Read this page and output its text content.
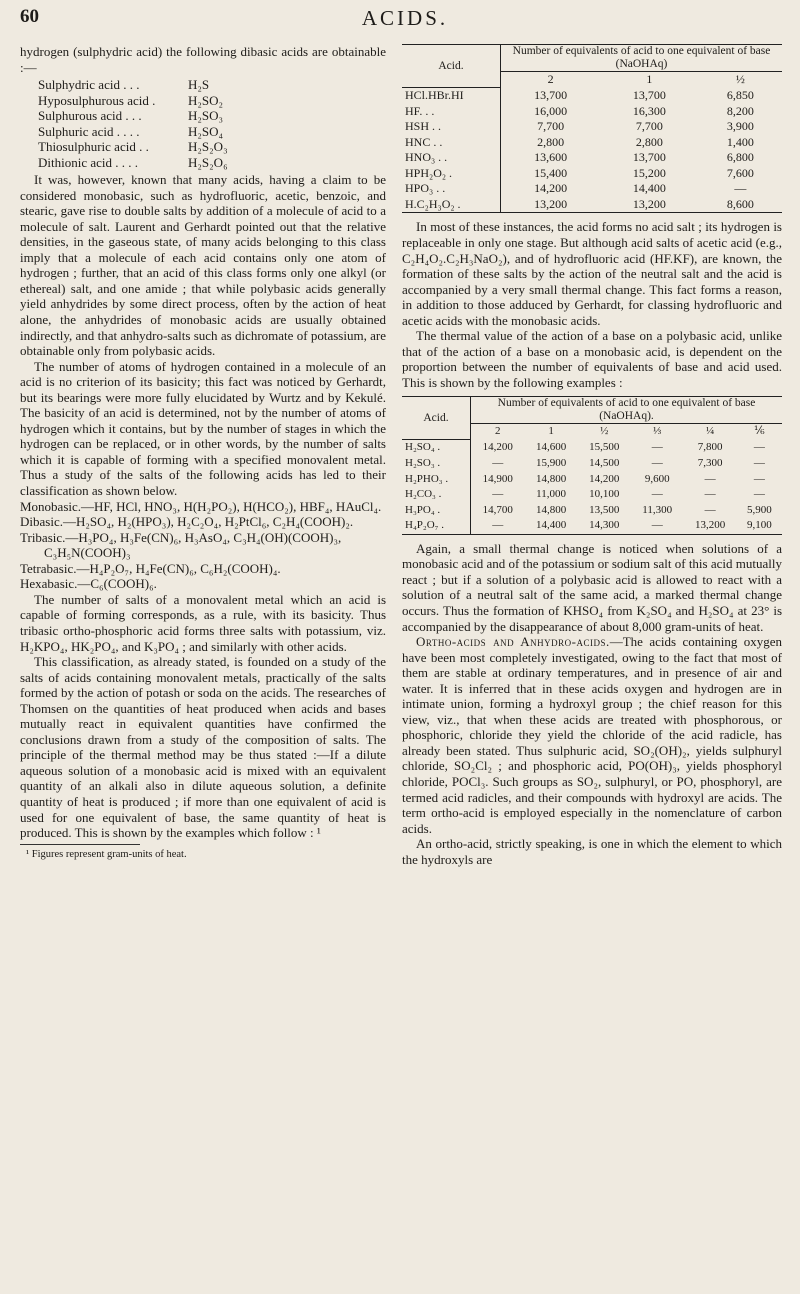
60	ACIDS.

hydrogen (sulphydric acid) the following dibasic acids are obtainable :—

Sulphydric acid . . .	H₂S
Hyposulphurous acid .	H₂SO₂
Sulphurous acid . . .	H₂SO₃
Sulphuric acid . . . .	H₂SO₄
Thiosulphuric acid . .	H₂S₂O₃
Dithionic acid . . . .	H₂S₂O₆

It was, however, known that many acids, having a claim to be considered monobasic, such as hydrofluoric, acetic, benzoic, and stearic, gave rise to double salts by addition of a molecule of acid to a molecule of salt. Laurent and Gerhardt pointed out that the relative densities, in the gaseous state, of many acids belonging to this class imply that a molecule of each acid contains only one atom of hydrogen ; further, that an acid of this class forms only one alkyl (or ethereal) salt, and one amide ; that while polybasic acids generally yield anhydrides by some direct process, often by the action of heat alone, the anhydrides of monobasic acids are usually obtained indirectly, and that anhydro-salts such as dichromate of potassium, are obtainable only from polybasic acids.

The number of atoms of hydrogen contained in a molecule of an acid is no criterion of its basicity; this fact was noticed by Gerhardt, but its bearings were more fully elucidated by Wurtz and by Kekulé. The basicity of an acid is determined, not by the number of atoms of hydrogen which it contains, but by the number of stages in which the hydrogen can be replaced, or in other words, by the number of salts which it is capable of forming with a specified monovalent metal. Thus a study of the salts of the following acids has led to their classification as shown below.

Monobasic.—HF, HCl, HNO₃, H(H₂PO₂), H(HCO₂), HBF₄, HAuCl₄.

Dibasic.—H₂SO₄, H₂(HPO₃), H₂C₂O₄, H₂PtCl₆, C₂H₄(COOH)₂.

Tribasic.—H₃PO₄, H₃Fe(CN)₆, H₃AsO₄, C₃H₄(OH)(COOH)₃, C₃H₅N(COOH)₃

Tetrabasic.—H₄P₂O₇, H₄Fe(CN)₆, C₆H₂(COOH)₄.

Hexabasic.—C₆(COOH)₆.

The number of salts of a monovalent metal which an acid is capable of forming corresponds, as a rule, with its basicity. Thus tribasic ortho-phosphoric acid forms three salts with potassium, viz. H₂KPO₄, HK₂PO₄, and K₃PO₄ ; and similarly with other acids.

This classification, as already stated, is founded on a study of the salts of acids containing monovalent metals, practically of the salts formed by the action of potash or soda on the acids. The researches of Thomsen on the quantities of heat produced when acids and bases mutually react in equivalent quantities have confirmed the conclusions drawn from a study of the composition of salts. The principle of the thermal method may be thus stated :—If a dilute aqueous solution of a monobasic acid is mixed with an equivalent quantity of an alkali also in dilute aqueous solution, a definite quantity of heat is produced ; if more than one equivalent of acid is used for one equivalent of base, the same quantity of heat is produced. This is shown by the examples which follow : ¹

¹ Figures represent gram-units of heat.
Acid.	Number of equivalents of acid to one equivalent of base (NaOHAq)		
	2	1	½
HCl.HBr.HI	13,700	13,700	6,850
HF. . .	16,000	16,300	8,200
HSH . .	7,700	7,700	3,900
HNC . .	2,800	2,800	1,400
HNO₃ . .	13,600	13,700	6,800
HPH₂O₂ .	15,400	15,200	7,600
HPO₃ . .	14,200	14,400	—
H.C₂H₃O₂ .	13,200	13,200	8,600

In most of these instances, the acid forms no acid salt ; its hydrogen is replaceable in only one stage. But although acid salts of acetic acid (e.g., C₂H₄O₂.C₂H₃NaO₂), and of hydrofluoric acid (HF.KF), are known, the formation of these salts by the action of the neutral salt and the acid is accompanied by a very small thermal change. This fact forms a reason, in addition to those adduced by Gerhardt, for classing hydrofluoric and acetic acids with the monobasic acids.

The thermal value of the action of a base on a polybasic acid, unlike that of the action of a base on a monobasic acid, is dependent on the proportion between the number of equivalents of base and acid used. This is shown by the following examples :

Acid.	Number of equivalents of acid to one equivalent of base (NaOHAq).					
	2	1	½	⅓	¼	⅙
H₂SO₄ .	14,200	14,600	15,500	—	7,800	—
H₂SO₃ .	—	15,900	14,500	—	7,300	—
H₂PHO₃ .	14,900	14,800	14,200	9,600	—	—
H₂CO₃ .	—	11,000	10,100	—	—	—
H₃PO₄ .	14,700	14,800	13,500	11,300	—	5,900
H₄P₂O₇ .	—	14,400	14,300	—	13,200	9,100

Again, a small thermal change is noticed when solutions of a monobasic acid and of the potassium or sodium salt of this acid mutually react ; but if a solution of a polybasic acid is allowed to react with a solution of a neutral salt of the same acid, a marked thermal change occurs. Thus the formation of KHSO₄ from K₂SO₄ and H₂SO₄ at 23° is accompanied by the disappearance of about 8,000 gram-units of heat.

Ortho-acids and Anhydro-acids.—The acids containing oxygen have been most completely investigated, owing to the fact that most of them are stable at ordinary temperatures, and in presence of air and water. It is inferred that in these acids oxygen and hydrogen are in intimate union, forming a hydroxyl group ; the chief reason for this view, viz., that when these acids are treated with phosphorous, or phosphoric, chloride they yield the chloride of the acid radicle, has already been stated. Thus sulphuric acid, SO₂(OH)₂, yields sulphuryl chloride, SO₂Cl₂ ; and phosphoric acid, PO(OH)₃, yields phosphoryl chloride, POCl₃. Such groups as SO₂, sulphuryl, or PO, phosphoryl, are termed acid radicles, and their compounds with hydroxyl are acids. The term ortho-acid is employed especially in the nomenclature of carbon acids.

An ortho-acid, strictly speaking, is one in which the element to which the hydroxyls are
